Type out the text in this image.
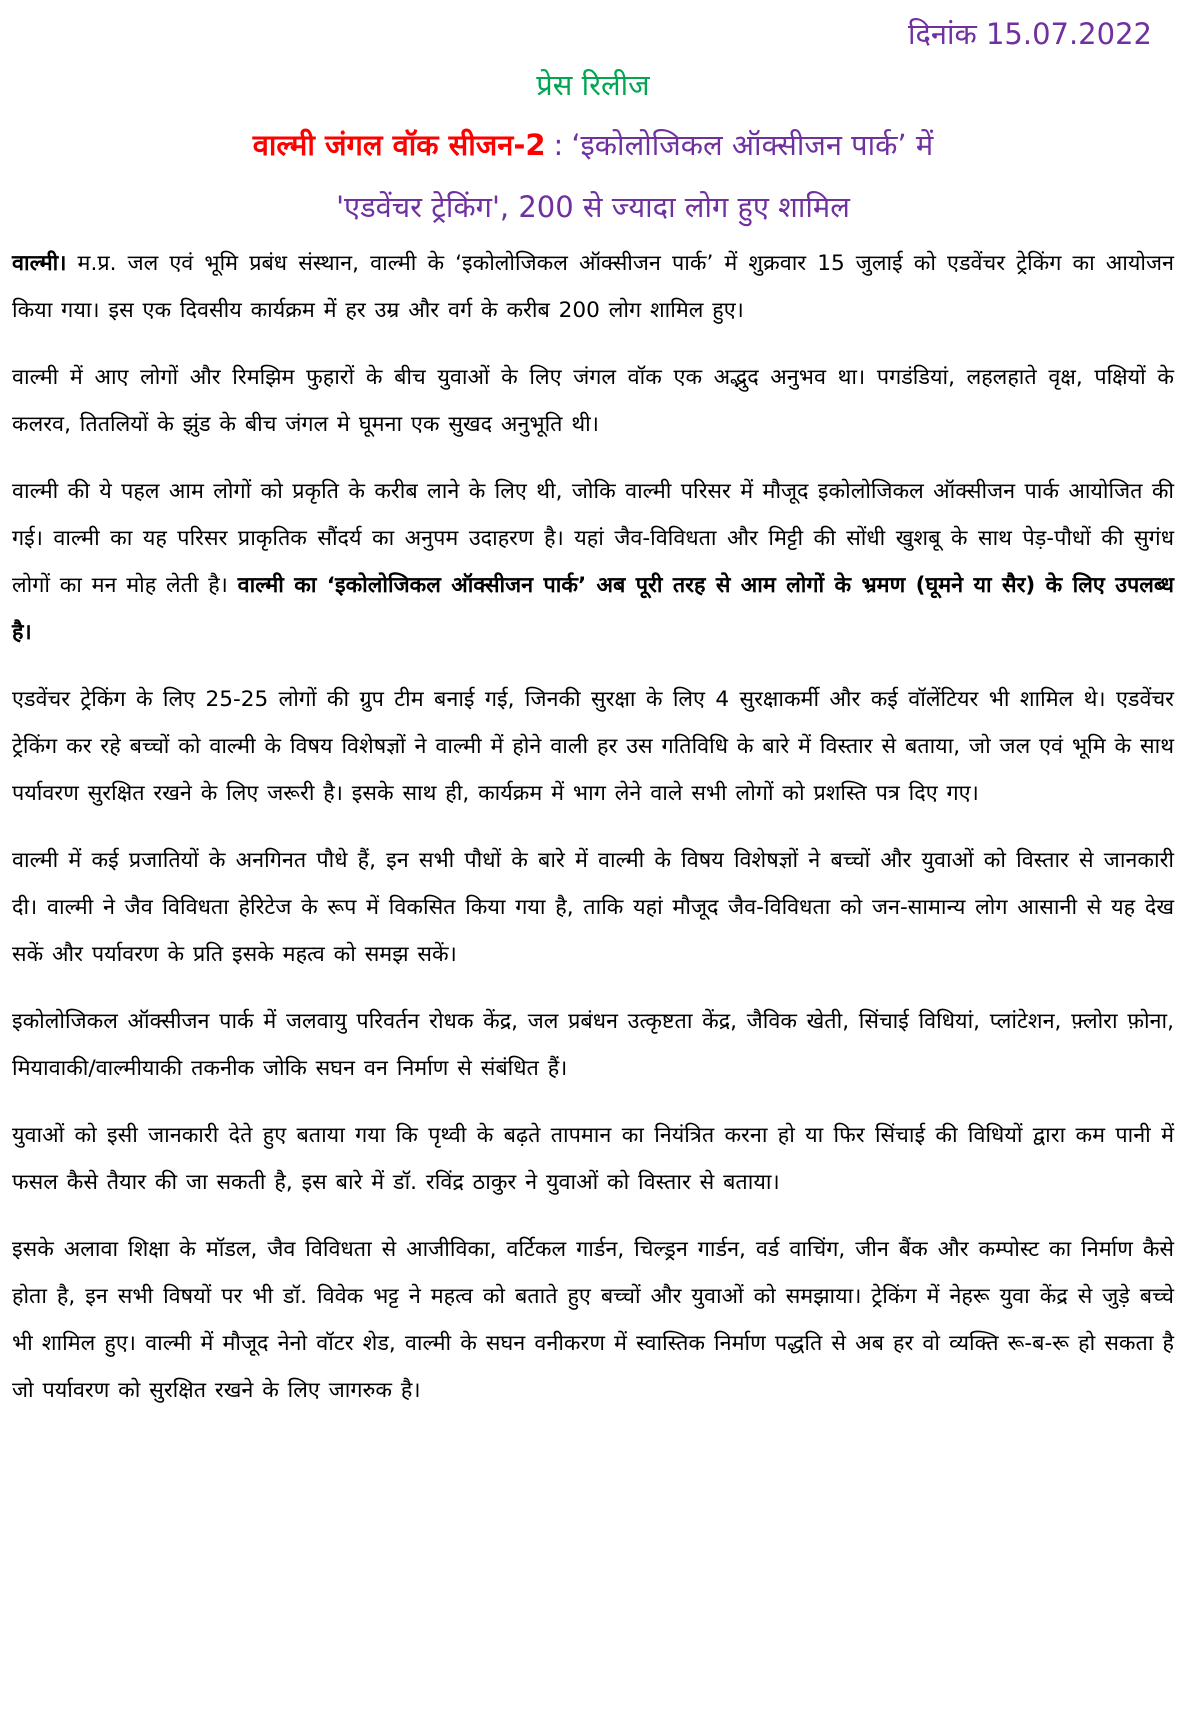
दिनांक 15.07.2022
प्रेस रिलीज
वाल्मी जंगल वॉक सीजन-2 : ‘इकोलोजिकल ऑक्सीजन पार्क’ में
'एडवेंचर ट्रेकिंग', 200 से ज्यादा लोग हुए शामिल

वाल्मी। म.प्र. जल एवं भूमि प्रबंध संस्थान, वाल्मी के ‘इकोलोजिकल ऑक्सीजन पार्क’ में शुक्रवार 15 जुलाई को एडवेंचर ट्रेकिंग का आयोजन किया गया। इस एक दिवसीय कार्यक्रम में हर उम्र और वर्ग के करीब 200 लोग शामिल हुए।

वाल्मी में आए लोगों और रिमझिम फुहारों के बीच युवाओं के लिए जंगल वॉक एक अद्भुद अनुभव था। पगडंडियां, लहलहाते वृक्ष, पक्षियों के कलरव, तितलियों के झुंड के बीच जंगल मे घूमना एक सुखद अनुभूति थी।

वाल्मी की ये पहल आम लोगों को प्रकृति के करीब लाने के लिए थी, जोकि वाल्मी परिसर में मौजूद इकोलोजिकल ऑक्सीजन पार्क आयोजित की गई। वाल्मी का यह परिसर प्राकृतिक सौंदर्य का अनुपम उदाहरण है। यहां जैव-विविधता और मिट्टी की सोंधी खुशबू के साथ पेड़-पौधों की सुगंध लोगों का मन मोह लेती है। वाल्मी का ‘इकोलोजिकल ऑक्सीजन पार्क’ अब पूरी तरह से आम लोगों के भ्रमण (घूमने या सैर) के लिए उपलब्ध है।

एडवेंचर ट्रेकिंग के लिए 25-25 लोगों की ग्रुप टीम बनाई गई, जिनकी सुरक्षा के लिए 4 सुरक्षाकर्मी और कई वॉलेंटियर भी शामिल थे। एडवेंचर ट्रेकिंग कर रहे बच्चों को वाल्मी के विषय विशेषज्ञों ने वाल्मी में होने वाली हर उस गतिविधि के बारे में विस्तार से बताया, जो जल एवं भूमि के साथ पर्यावरण सुरक्षित रखने के लिए जरूरी है। इसके साथ ही, कार्यक्रम में भाग लेने वाले सभी लोगों को प्रशस्ति पत्र दिए गए।

वाल्मी में कई प्रजातियों के अनगिनत पौधे हैं, इन सभी पौधों के बारे में वाल्मी के विषय विशेषज्ञों ने बच्चों और युवाओं को विस्तार से जानकारी दी। वाल्मी ने जैव विविधता हेरिटेज के रूप में विकसित किया गया है, ताकि यहां मौजूद जैव-विविधता को जन-सामान्य लोग आसानी से यह देख सकें और पर्यावरण के प्रति इसके महत्व को समझ सकें।

इकोलोजिकल ऑक्सीजन पार्क में जलवायु परिवर्तन रोधक केंद्र, जल प्रबंधन उत्कृष्टता केंद्र, जैविक खेती, सिंचाई विधियां, प्लांटेशन, फ़्लोरा फ़ोना, मियावाकी/वाल्मीयाकी तकनीक जोकि सघन वन निर्माण से संबंधित हैं।

युवाओं को इसी जानकारी देते हुए बताया गया कि पृथ्वी के बढ़ते तापमान का नियंत्रित करना हो या फिर सिंचाई की विधियों द्वारा कम पानी में फसल कैसे तैयार की जा सकती है, इस बारे में डॉ. रविंद्र ठाकुर ने युवाओं को विस्तार से बताया।

इसके अलावा शिक्षा के मॉडल, जैव विविधता से आजीविका, वर्टिकल गार्डन, चिल्ड्रन गार्डन, वर्ड वाचिंग, जीन बैंक और कम्पोस्ट का निर्माण कैसे होता है, इन सभी विषयों पर भी डॉ. विवेक भट्ट ने महत्व को बताते हुए बच्चों और युवाओं को समझाया। ट्रेकिंग में नेहरू युवा केंद्र से जुड़े बच्चे भी शामिल हुए। वाल्मी में मौजूद नेनो वॉटर शेड, वाल्मी के सघन वनीकरण में स्वास्तिक निर्माण पद्धति से अब हर वो व्यक्ति रू-ब-रू हो सकता है जो पर्यावरण को सुरक्षित रखने के लिए जागरुक है।
